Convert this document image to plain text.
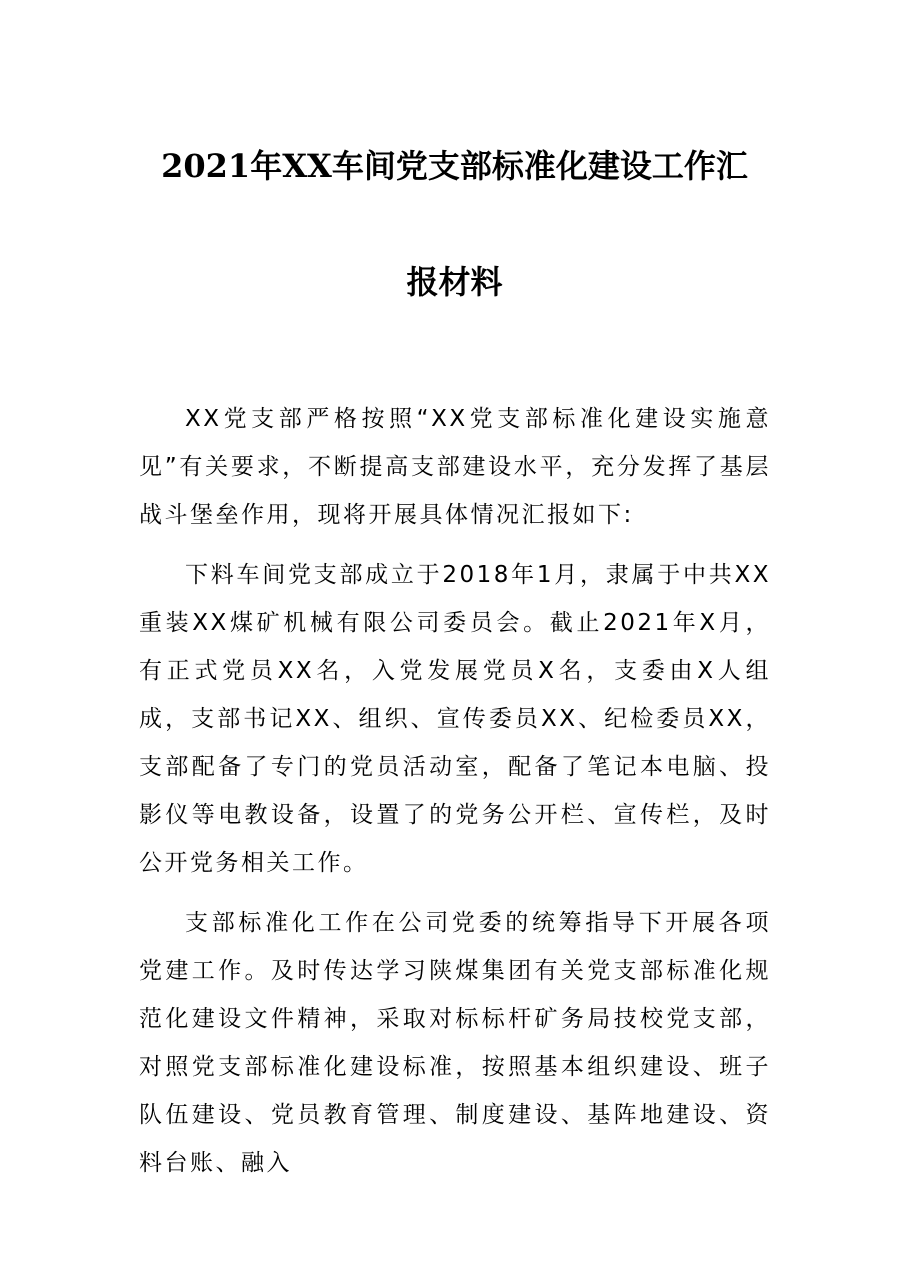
2021年XX车间党支部标准化建设工作汇
报材料

XX党支部严格按照“XX党支部标准化建设实施意见”有关要求，不断提高支部建设水平，充分发挥了基层战斗堡垒作用，现将开展具体情况汇报如下:

下料车间党支部成立于2018年1月，隶属于中共XX重装XX煤矿机械有限公司委员会。截止2021年X月，有正式党员XX名，入党发展党员X名，支委由X人组成，支部书记XX、组织、宣传委员XX、纪检委员XX，支部配备了专门的党员活动室，配备了笔记本电脑、投影仪等电教设备，设置了的党务公开栏、宣传栏，及时公开党务相关工作。

支部标准化工作在公司党委的统筹指导下开展各项党建工作。及时传达学习陕煤集团有关党支部标准化规范化建设文件精神，采取对标标杆矿务局技校党支部，对照党支部标准化建设标准，按照基本组织建设、班子队伍建设、党员教育管理、制度建设、基阵地建设、资料台账、融入
